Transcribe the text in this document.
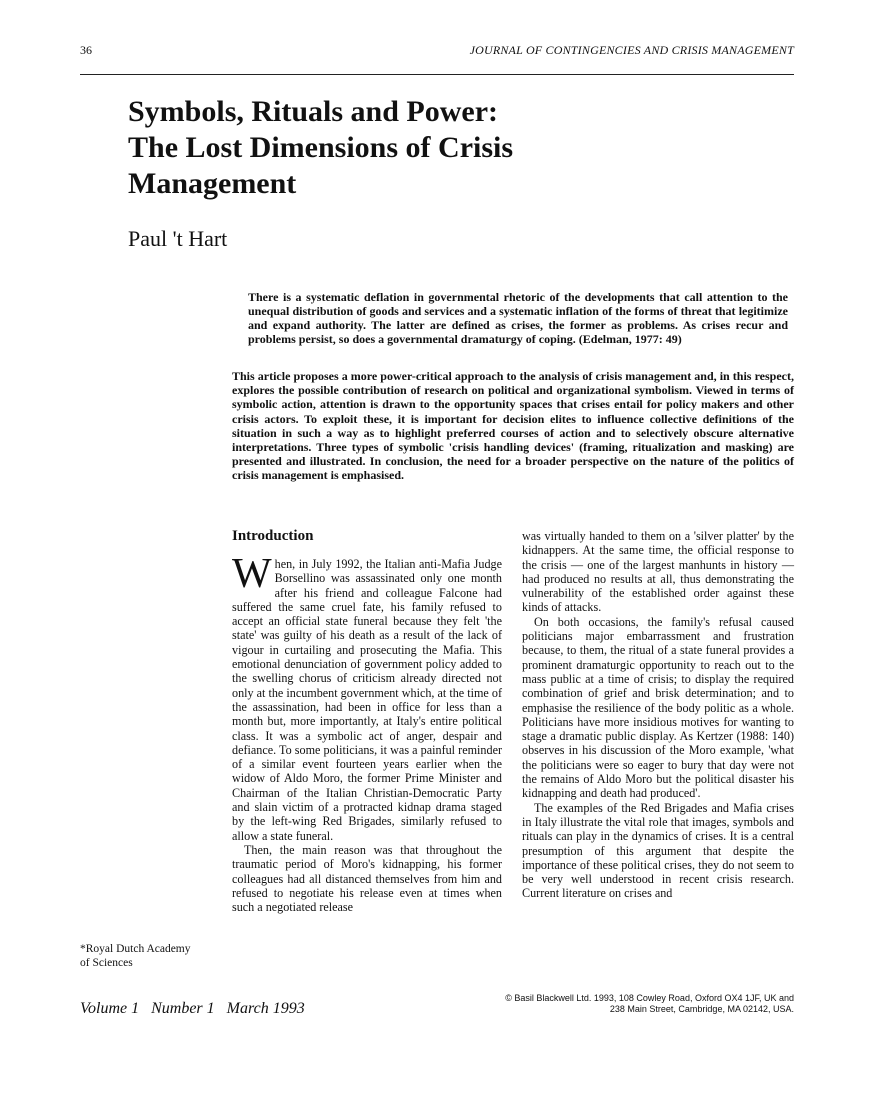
36	JOURNAL OF CONTINGENCIES AND CRISIS MANAGEMENT
Symbols, Rituals and Power:
The Lost Dimensions of Crisis
Management
Paul 't Hart
There is a systematic deflation in governmental rhetoric of the developments that call attention to the unequal distribution of goods and services and a systematic inflation of the forms of threat that legitimize and expand authority. The latter are defined as crises, the former as problems. As crises recur and problems persist, so does a governmental dramaturgy of coping. (Edelman, 1977: 49)
This article proposes a more power-critical approach to the analysis of crisis management and, in this respect, explores the possible contribution of research on political and organizational symbolism. Viewed in terms of symbolic action, attention is drawn to the opportunity spaces that crises entail for policy makers and other crisis actors. To exploit these, it is important for decision elites to influence collective definitions of the situation in such a way as to highlight preferred courses of action and to selectively obscure alternative interpretations. Three types of symbolic 'crisis handling devices' (framing, ritualization and masking) are presented and illustrated. In conclusion, the need for a broader perspective on the nature of the politics of crisis management is emphasised.
Introduction

When, in July 1992, the Italian anti-Mafia Judge Borsellino was assassinated only one month after his friend and colleague Falcone had suffered the same cruel fate, his family refused to accept an official state funeral because they felt 'the state' was guilty of his death as a result of the lack of vigour in curtailing and prosecuting the Mafia. This emotional denunciation of government policy added to the swelling chorus of criticism already directed not only at the incumbent government which, at the time of the assassination, had been in office for less than a month but, more importantly, at Italy's entire political class. It was a symbolic act of anger, despair and defiance. To some politicians, it was a painful reminder of a similar event fourteen years earlier when the widow of Aldo Moro, the former Prime Minister and Chairman of the Italian Christian-Democratic Party and slain victim of a protracted kidnap drama staged by the left-wing Red Brigades, similarly refused to allow a state funeral.

Then, the main reason was that throughout the traumatic period of Moro's kidnapping, his former colleagues had all distanced themselves from him and refused to negotiate his release even at times when such a negotiated release

was virtually handed to them on a 'silver platter' by the kidnappers. At the same time, the official response to the crisis — one of the largest manhunts in history — had produced no results at all, thus demonstrating the vulnerability of the established order against these kinds of attacks.

On both occasions, the family's refusal caused politicians major embarrassment and frustration because, to them, the ritual of a state funeral provides a prominent dramaturgic opportunity to reach out to the mass public at a time of crisis; to display the required combination of grief and brisk determination; and to emphasise the resilience of the body politic as a whole. Politicians have more insidious motives for wanting to stage a dramatic public display. As Kertzer (1988: 140) observes in his discussion of the Moro example, 'what the politicians were so eager to bury that day were not the remains of Aldo Moro but the political disaster his kidnapping and death had produced'.

The examples of the Red Brigades and Mafia crises in Italy illustrate the vital role that images, symbols and rituals can play in the dynamics of crises. It is a central presumption of this argument that despite the importance of these political crises, they do not seem to be very well understood in recent crisis research. Current literature on crises and

*Royal Dutch Academy
of Sciences
Volume 1   Number 1   March 1993
© Basil Blackwell Ltd. 1993, 108 Cowley Road, Oxford OX4 1JF, UK and
238 Main Street, Cambridge, MA 02142, USA.
